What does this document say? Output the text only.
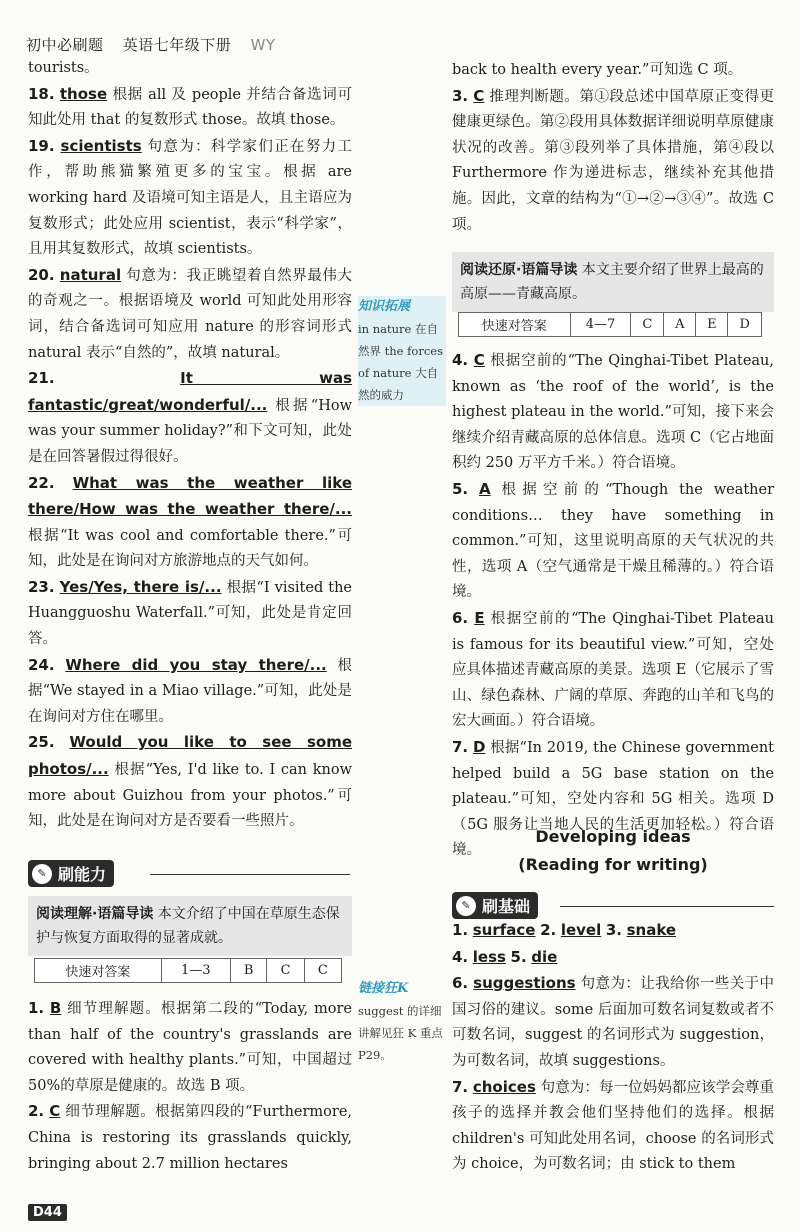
初中必刷题 英语七年级下册 WY

tourists。

18. those 根据 all 及 people 并结合备选词可知此处用 that 的复数形式 those。故填 those。

19. scientists 句意为：科学家们正在努力工作，帮助熊猫繁殖更多的宝宝。根据 are working hard 及语境可知主语是人，且主语应为复数形式；此处应用 scientist，表示“科学家”，且用其复数形式，故填 scientists。

20. natural 句意为：我正眺望着自然界最伟大的奇观之一。根据语境及 world 可知此处用形容词，结合备选词可知应用 nature 的形容词形式 natural 表示“自然的”，故填 natural。

21.	It was fantastic/great/wonderful/... 根据“How was your summer holiday?”和下文可知，此处是在回答暑假过得很好。

22. What was the weather like there/How was the weather there/... 根据“It was cool and comfortable there.”可知，此处是在询问对方旅游地点的天气如何。

23. Yes/Yes, there is/... 根据“I visited the Huangguoshu Waterfall.”可知，此处是肯定回答。

24. Where did you stay there/... 根据“We stayed in a Miao village.”可知，此处是在询问对方住在哪里。

25. Would you like to see some photos/... 根据“Yes, I'd like to. I can know more about Guizhou from your photos.”可知，此处是在询问对方是否要看一些照片。

✎ 刷能力
阅读理解·语篇导读 本文介绍了中国在草原生态保护与恢复方面取得的显著成就。
快速对答案	1—3	B	C	C

1. B 细节理解题。根据第二段的“Today, more than half of the country's grasslands are covered with healthy plants.”可知，中国超过 50%的草原是健康的。故选 B 项。

2. C 细节理解题。根据第四段的“Furthermore, China is restoring its grasslands quickly, bringing about 2.7 million hectares

知识拓展
in nature 在自然界 the forces of nature 大自然的威力
链接狂K
suggest 的详细讲解见狂 K 重点 P29。

back to health every year.”可知选 C 项。

3. C 推理判断题。第①段总述中国草原正变得更健康更绿色。第②段用具体数据详细说明草原健康状况的改善。第③段列举了具体措施，第④段以 Furthermore 作为递进标志，继续补充其他措施。因此，文章的结构为“①→②→③④”。故选 C 项。

阅读还原·语篇导读 本文主要介绍了世界上最高的高原——青藏高原。
快速对答案	4—7	C	A	E	D

4. C 根据空前的“The Qinghai-Tibet Plateau, known as ‘the roof of the world’, is the highest plateau in the world.”可知，接下来会继续介绍青藏高原的总体信息。选项 C（它占地面积约 250 万平方千米。）符合语境。

5. A 根据空前的“Though the weather conditions… they have something in common.”可知，这里说明高原的天气状况的共性，选项 A（空气通常是干燥且稀薄的。）符合语境。

6. E 根据空前的“The Qinghai-Tibet Plateau is famous for its beautiful view.”可知，空处应具体描述青藏高原的美景。选项 E（它展示了雪山、绿色森林、广阔的草原、奔跑的山羊和飞鸟的宏大画面。）符合语境。

7. D 根据“In 2019, the Chinese government helped build a 5G base station on the plateau.”可知，空处内容和 5G 相关。选项 D（5G 服务让当地人民的生活更加轻松。）符合语境。

Developing ideas
(Reading for writing)
✎ 刷基础

1. surface 2. level 3. snake

4. less 5. die

6. suggestions 句意为：让我给你一些关于中国习俗的建议。some 后面加可数名词复数或者不可数名词，suggest 的名词形式为 suggestion，为可数名词，故填 suggestions。

7. choices 句意为：每一位妈妈都应该学会尊重孩子的选择并教会他们坚持他们的选择。根据 children's 可知此处用名词，choose 的名词形式为 choice，为可数名词；由 stick to them

D44
